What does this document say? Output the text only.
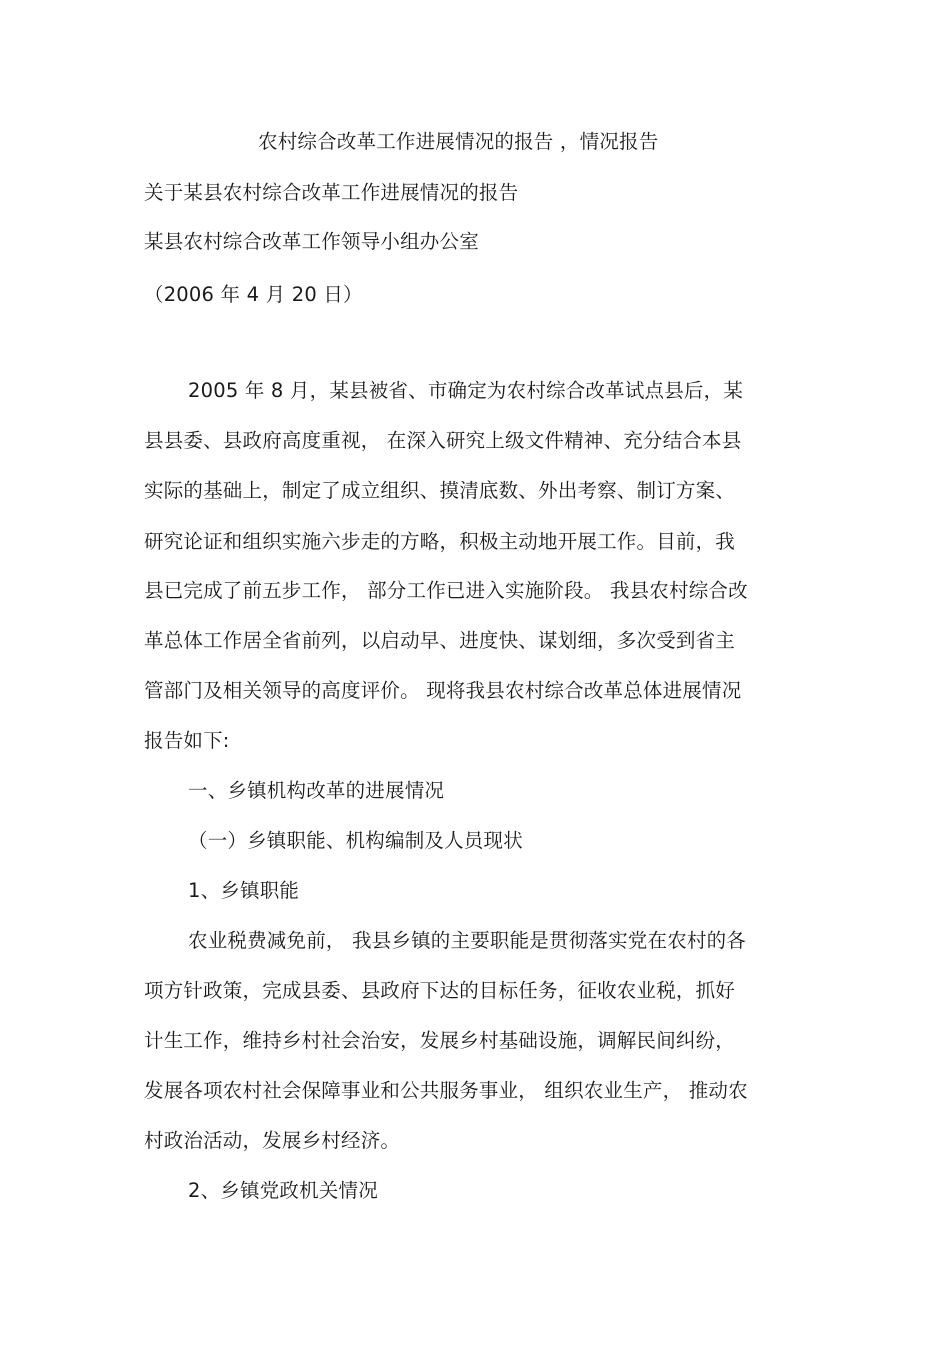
农村综合改革工作进展情况的报告 ，情况报告
关于某县农村综合改革工作进展情况的报告
某县农村综合改革工作领导小组办公室
（2006 年 4 月 20 日）
2005 年 8 月，某县被省、市确定为农村综合改革试点县后，某
县县委、县政府高度重视， 在深入研究上级文件精神、充分结合本县
实际的基础上，制定了成立组织、摸清底数、外出考察、制订方案、
研究论证和组织实施六步走的方略，积极主动地开展工作。目前，我
县已完成了前五步工作， 部分工作已进入实施阶段。 我县农村综合改
革总体工作居全省前列，以启动早、进度快、谋划细，多次受到省主
管部门及相关领导的高度评价。 现将我县农村综合改革总体进展情况
报告如下:
一、乡镇机构改革的进展情况
（一）乡镇职能、机构编制及人员现状
1、乡镇职能
农业税费减免前， 我县乡镇的主要职能是贯彻落实党在农村的各
项方针政策，完成县委、县政府下达的目标任务，征收农业税，抓好
计生工作，维持乡村社会治安，发展乡村基础设施，调解民间纠纷，
发展各项农村社会保障事业和公共服务事业， 组织农业生产， 推动农
村政治活动，发展乡村经济。
2、乡镇党政机关情况
